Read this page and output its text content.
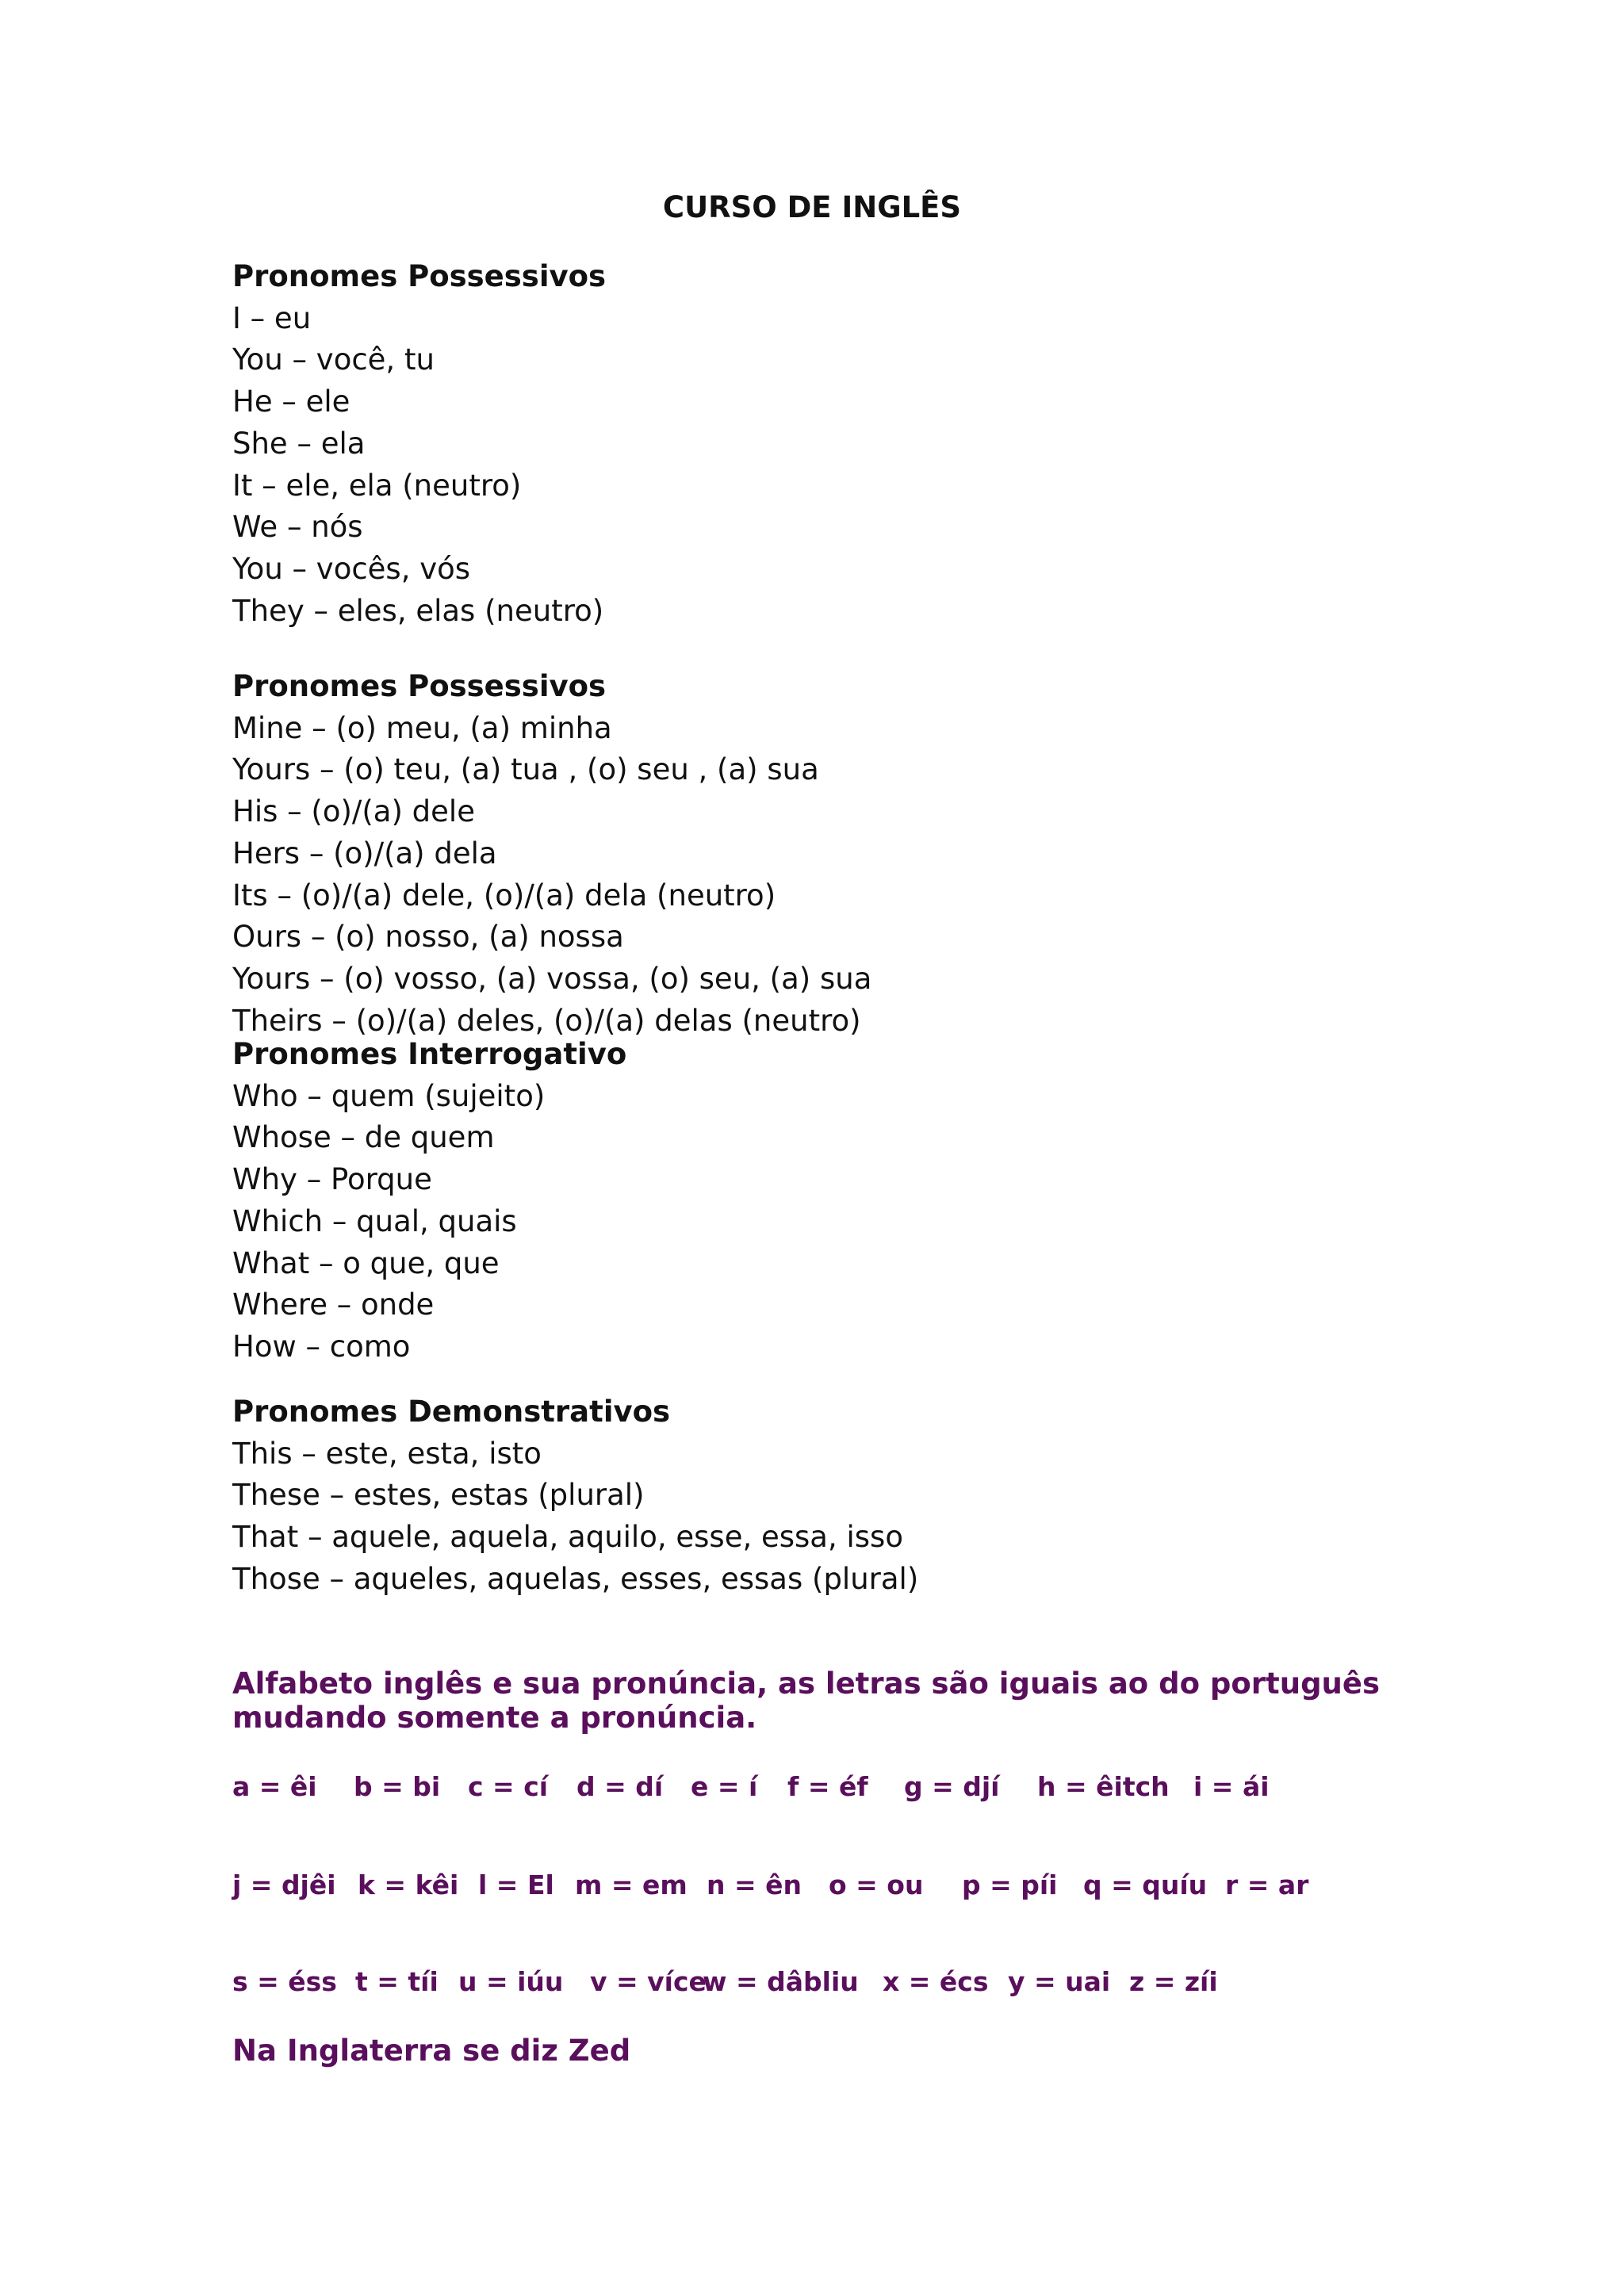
CURSO DE INGLÊS

Pronomes Possessivos

I – eu

You – você, tu

He – ele

She – ela

It – ele, ela (neutro)

We – nós

You – vocês, vós

They – eles, elas (neutro)

Pronomes Possessivos

Mine – (o) meu, (a) minha

Yours – (o) teu, (a) tua , (o) seu , (a) sua

His – (o)/(a) dele

Hers – (o)/(a) dela

Its – (o)/(a) dele, (o)/(a) dela (neutro)

Ours – (o) nosso, (a) nossa

Yours – (o) vosso, (a) vossa, (o) seu, (a) sua

Theirs – (o)/(a) deles, (o)/(a) delas (neutro)

Pronomes Interrogativo

Who – quem (sujeito)

Whose – de quem

Why – Porque

Which – qual, quais

What – o que, que

Where – onde

How – como

Pronomes Demonstrativos

This – este, esta, isto

These – estes, estas (plural)

That – aquele, aquela, aquilo, esse, essa, isso

Those – aqueles, aquelas, esses, essas (plural)

Alfabeto inglês e sua pronúncia, as letras são iguais ao do português
mudando somente a pronúncia.
a = êi b = bi c = cí d = dí e = í f = éf g = djí h = êitch i = ái
j = djêi k = kêi l = El m = em n = ên o = ou p = píi q = quíu r = ar
s = éss t = tíi u = iúu v = více
w = dâbliu x = écs y = uai z = zíi

Na Inglaterra se diz Zed
